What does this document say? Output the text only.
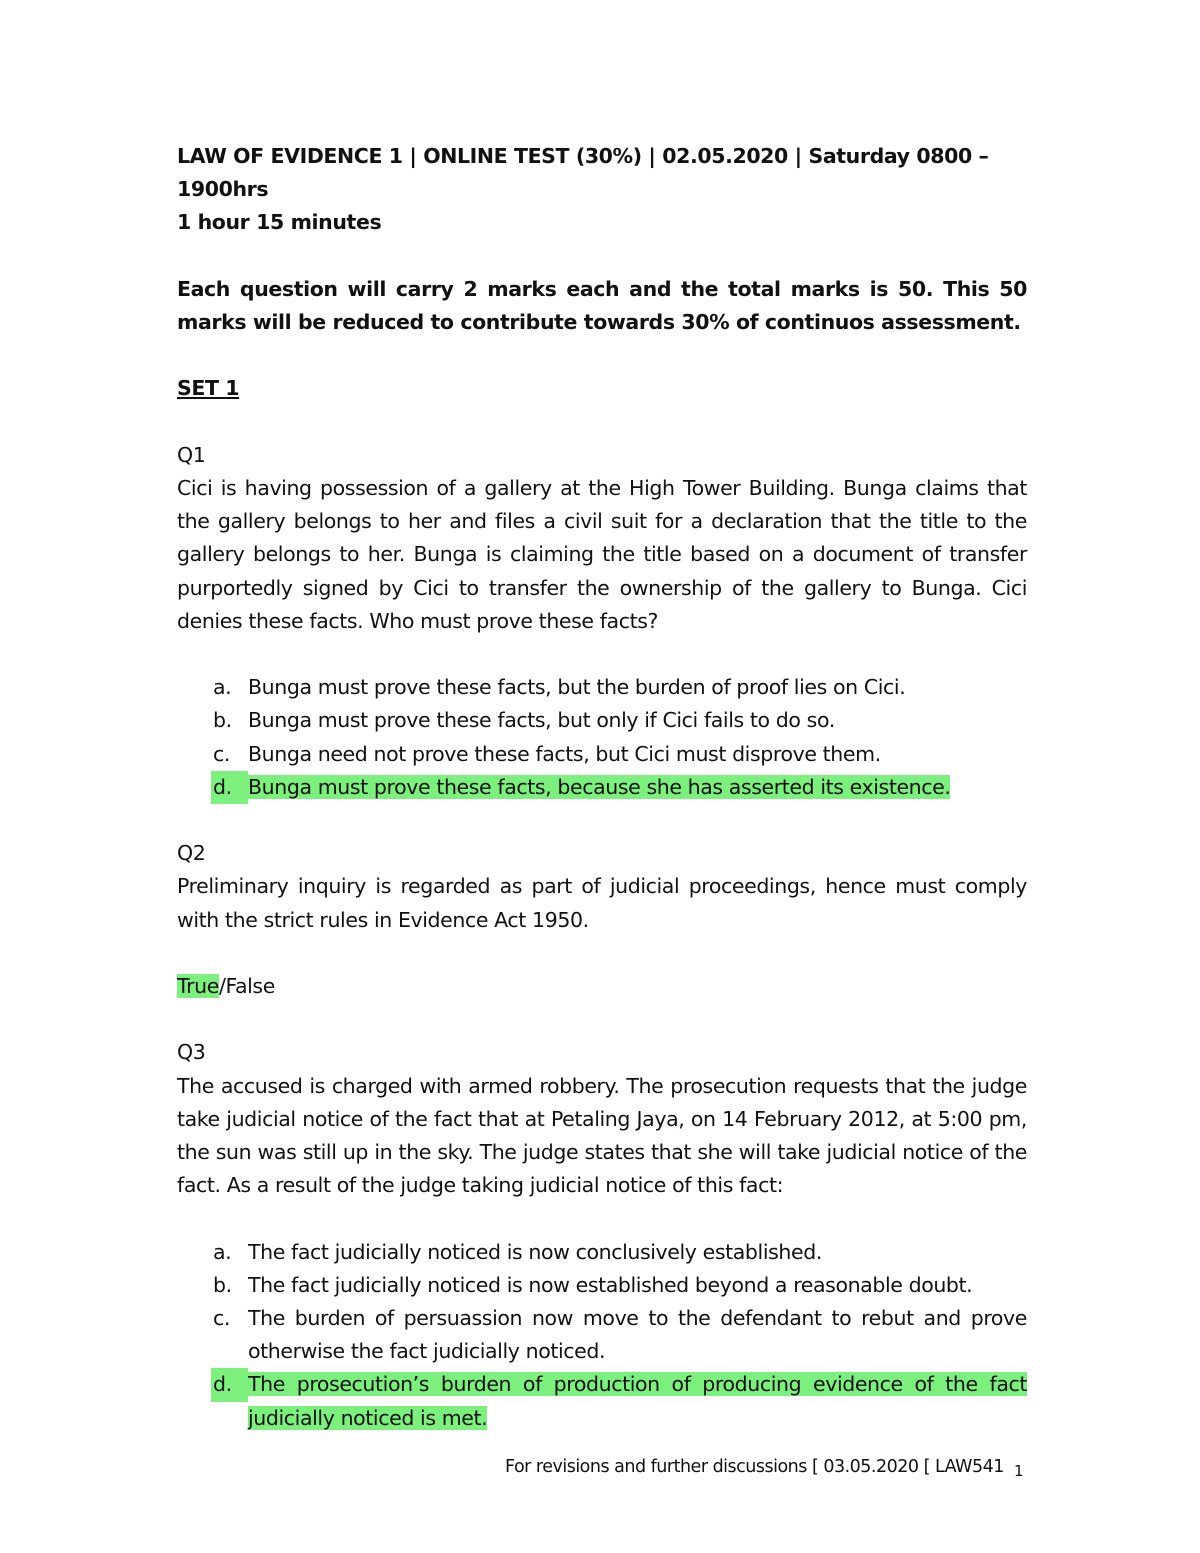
LAW OF EVIDENCE 1 | ONLINE TEST (30%) | 02.05.2020 | Saturday 0800 – 1900hrs
1 hour 15 minutes
Each question will carry 2 marks each and the total marks is 50. This 50 marks will be reduced to contribute towards 30% of continuos assessment.
SET 1
Q1
Cici is having possession of a gallery at the High Tower Building. Bunga claims that the gallery belongs to her and files a civil suit for a declaration that the title to the gallery belongs to her. Bunga is claiming the title based on a document of transfer purportedly signed by Cici to transfer the ownership of the gallery to Bunga. Cici denies these facts. Who must prove these facts?
a. Bunga must prove these facts, but the burden of proof lies on Cici.
b. Bunga must prove these facts, but only if Cici fails to do so.
c. Bunga need not prove these facts, but Cici must disprove them.
d. Bunga must prove these facts, because she has asserted its existence.
Q2
Preliminary inquiry is regarded as part of judicial proceedings, hence must comply with the strict rules in Evidence Act 1950.
True/False
Q3
The accused is charged with armed robbery. The prosecution requests that the judge take judicial notice of the fact that at Petaling Jaya, on 14 February 2012, at 5:00 pm, the sun was still up in the sky. The judge states that she will take judicial notice of the fact. As a result of the judge taking judicial notice of this fact:
a. The fact judicially noticed is now conclusively established.
b. The fact judicially noticed is now established beyond a reasonable doubt.
c. The burden of persuassion now move to the defendant to rebut and prove otherwise the fact judicially noticed.
d. The prosecution’s burden of production of producing evidence of the fact judicially noticed is met.
For revisions and further discussions [ 03.05.2020 [ LAW541 1
